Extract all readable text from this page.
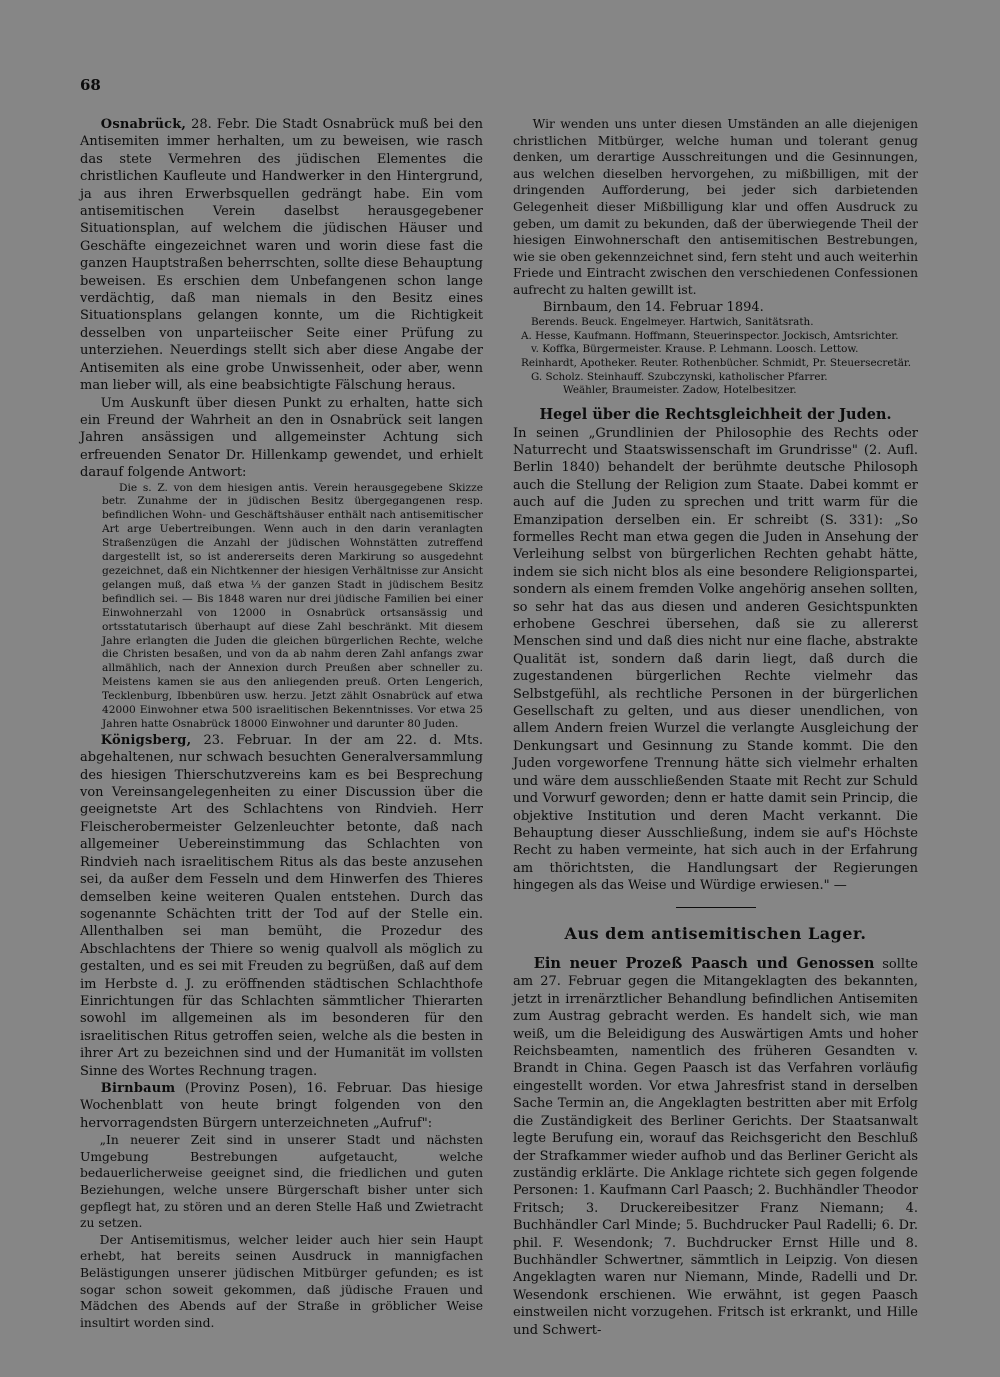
68

Osnabrück, 28. Febr. Die Stadt Osnabrück muß bei den Antisemiten immer herhalten, um zu beweisen, wie rasch das stete Vermehren des jüdischen Elementes die christlichen Kaufleute und Handwerker in den Hintergrund, ja aus ihren Erwerbsquellen gedrängt habe. Ein vom antisemitischen Verein daselbst herausgegebener Situationsplan, auf welchem die jüdischen Häuser und Geschäfte eingezeichnet waren und worin diese fast die ganzen Hauptstraßen beherrschten, sollte diese Behauptung beweisen. Es erschien dem Unbefangenen schon lange verdächtig, daß man niemals in den Besitz eines Situationsplans gelangen konnte, um die Richtigkeit desselben von unparteiischer Seite einer Prüfung zu unterziehen. Neuerdings stellt sich aber diese Angabe der Antisemiten als eine grobe Unwissenheit, oder aber, wenn man lieber will, als eine beabsichtigte Fälschung heraus.

Um Auskunft über diesen Punkt zu erhalten, hatte sich ein Freund der Wahrheit an den in Osnabrück seit langen Jahren ansässigen und allgemeinster Achtung sich erfreuenden Senator Dr. Hillenkamp gewendet, und erhielt darauf folgende Antwort:

Die s. Z. von dem hiesigen antis. Verein herausgegebene Skizze betr. Zunahme der in jüdischen Besitz übergegangenen resp. befindlichen Wohn- und Geschäftshäuser enthält nach antisemitischer Art arge Uebertreibungen. Wenn auch in den darin veranlagten Straßenzügen die Anzahl der jüdischen Wohnstätten zutreffend dargestellt ist, so ist andererseits deren Markirung so ausgedehnt gezeichnet, daß ein Nichtkenner der hiesigen Verhältnisse zur Ansicht gelangen muß, daß etwa ⅓ der ganzen Stadt in jüdischem Besitz befindlich sei. — Bis 1848 waren nur drei jüdische Familien bei einer Einwohnerzahl von 12000 in Osnabrück ortsansässig und ortsstatutarisch überhaupt auf diese Zahl beschränkt. Mit diesem Jahre erlangten die Juden die gleichen bürgerlichen Rechte, welche die Christen besaßen, und von da ab nahm deren Zahl anfangs zwar allmählich, nach der Annexion durch Preußen aber schneller zu. Meistens kamen sie aus den anliegenden preuß. Orten Lengerich, Tecklenburg, Ibbenbüren usw. herzu. Jetzt zählt Osnabrück auf etwa 42000 Einwohner etwa 500 israelitischen Bekenntnisses. Vor etwa 25 Jahren hatte Osnabrück 18000 Einwohner und darunter 80 Juden.

Königsberg, 23. Februar. In der am 22. d. Mts. abgehaltenen, nur schwach besuchten Generalversammlung des hiesigen Thierschutzvereins kam es bei Besprechung von Vereinsangelegenheiten zu einer Discussion über die geeignetste Art des Schlachtens von Rindvieh. Herr Fleischerobermeister Gelzenleuchter betonte, daß nach allgemeiner Uebereinstimmung das Schlachten von Rindvieh nach israelitischem Ritus als das beste anzusehen sei, da außer dem Fesseln und dem Hinwerfen des Thieres demselben keine weiteren Qualen entstehen. Durch das sogenannte Schächten tritt der Tod auf der Stelle ein. Allenthalben sei man bemüht, die Prozedur des Abschlachtens der Thiere so wenig qualvoll als möglich zu gestalten, und es sei mit Freuden zu begrüßen, daß auf dem im Herbste d. J. zu eröffnenden städtischen Schlachthofe Einrichtungen für das Schlachten sämmtlicher Thierarten sowohl im allgemeinen als im besonderen für den israelitischen Ritus getroffen seien, welche als die besten in ihrer Art zu bezeichnen sind und der Humanität im vollsten Sinne des Wortes Rechnung tragen.

Birnbaum (Provinz Posen), 16. Februar. Das hiesige Wochenblatt von heute bringt folgenden von den hervorragendsten Bürgern unterzeichneten „Aufruf":

„In neuerer Zeit sind in unserer Stadt und nächsten Umgebung Bestrebungen aufgetaucht, welche bedauerlicherweise geeignet sind, die friedlichen und guten Beziehungen, welche unsere Bürgerschaft bisher unter sich gepflegt hat, zu stören und an deren Stelle Haß und Zwietracht zu setzen.

Der Antisemitismus, welcher leider auch hier sein Haupt erhebt, hat bereits seinen Ausdruck in mannigfachen Belästigungen unserer jüdischen Mitbürger gefunden; es ist sogar schon soweit gekommen, daß jüdische Frauen und Mädchen des Abends auf der Straße in gröblicher Weise insultirt worden sind.

Wir wenden uns unter diesen Umständen an alle diejenigen christlichen Mitbürger, welche human und tolerant genug denken, um derartige Ausschreitungen und die Gesinnungen, aus welchen dieselben hervorgehen, zu mißbilligen, mit der dringenden Aufforderung, bei jeder sich darbietenden Gelegenheit dieser Mißbilligung klar und offen Ausdruck zu geben, um damit zu bekunden, daß der überwiegende Theil der hiesigen Einwohnerschaft den antisemitischen Bestrebungen, wie sie oben gekennzeichnet sind, fern steht und auch weiterhin Friede und Eintracht zwischen den verschiedenen Confessionen aufrecht zu halten gewillt ist.

Birnbaum, den 14. Februar 1894.

Berends. Beuck. Engelmeyer. Hartwich, Sanitätsrath.

A. Hesse, Kaufmann. Hoffmann, Steuerinspector. Jockisch, Amtsrichter.

v. Koffka, Bürgermeister. Krause. P. Lehmann. Loosch. Lettow.

Reinhardt, Apotheker. Reuter. Rothenbücher. Schmidt, Pr. Steuersecretär.

G. Scholz. Steinhauff. Szubczynski, katholischer Pfarrer.

Weähler, Braumeister. Zadow, Hotelbesitzer.

Hegel über die Rechtsgleichheit der Juden.

In seinen „Grundlinien der Philosophie des Rechts oder Naturrecht und Staatswissenschaft im Grundrisse" (2. Aufl. Berlin 1840) behandelt der berühmte deutsche Philosoph auch die Stellung der Religion zum Staate. Dabei kommt er auch auf die Juden zu sprechen und tritt warm für die Emanzipation derselben ein. Er schreibt (S. 331): „So formelles Recht man etwa gegen die Juden in Ansehung der Verleihung selbst von bürgerlichen Rechten gehabt hätte, indem sie sich nicht blos als eine besondere Religionspartei, sondern als einem fremden Volke angehörig ansehen sollten, so sehr hat das aus diesen und anderen Gesichtspunkten erhobene Geschrei übersehen, daß sie zu allererst Menschen sind und daß dies nicht nur eine flache, abstrakte Qualität ist, sondern daß darin liegt, daß durch die zugestandenen bürgerlichen Rechte vielmehr das Selbstgefühl, als rechtliche Personen in der bürgerlichen Gesellschaft zu gelten, und aus dieser unendlichen, von allem Andern freien Wurzel die verlangte Ausgleichung der Denkungsart und Gesinnung zu Stande kommt. Die den Juden vorgeworfene Trennung hätte sich vielmehr erhalten und wäre dem ausschließenden Staate mit Recht zur Schuld und Vorwurf geworden; denn er hatte damit sein Princip, die objektive Institution und deren Macht verkannt. Die Behauptung dieser Ausschließung, indem sie auf's Höchste Recht zu haben vermeinte, hat sich auch in der Erfahrung am thörichtsten, die Handlungsart der Regierungen hingegen als das Weise und Würdige erwiesen." —

Aus dem antisemitischen Lager.

Ein neuer Prozeß Paasch und Genossen sollte am 27. Februar gegen die Mitangeklagten des bekannten, jetzt in irrenärztlicher Behandlung befindlichen Antisemiten zum Austrag gebracht werden. Es handelt sich, wie man weiß, um die Beleidigung des Auswärtigen Amts und hoher Reichsbeamten, namentlich des früheren Gesandten v. Brandt in China. Gegen Paasch ist das Verfahren vorläufig eingestellt worden. Vor etwa Jahresfrist stand in derselben Sache Termin an, die Angeklagten bestritten aber mit Erfolg die Zuständigkeit des Berliner Gerichts. Der Staatsanwalt legte Berufung ein, worauf das Reichsgericht den Beschluß der Strafkammer wieder aufhob und das Berliner Gericht als zuständig erklärte. Die Anklage richtete sich gegen folgende Personen: 1. Kaufmann Carl Paasch; 2. Buchhändler Theodor Fritsch; 3. Druckereibesitzer Franz Niemann; 4. Buchhändler Carl Minde; 5. Buchdrucker Paul Radelli; 6. Dr. phil. F. Wesendonk; 7. Buchdrucker Ernst Hille und 8. Buchhändler Schwertner, sämmtlich in Leipzig. Von diesen Angeklagten waren nur Niemann, Minde, Radelli und Dr. Wesendonk erschienen. Wie erwähnt, ist gegen Paasch einstweilen nicht vorzugehen. Fritsch ist erkrankt, und Hille und Schwert-
